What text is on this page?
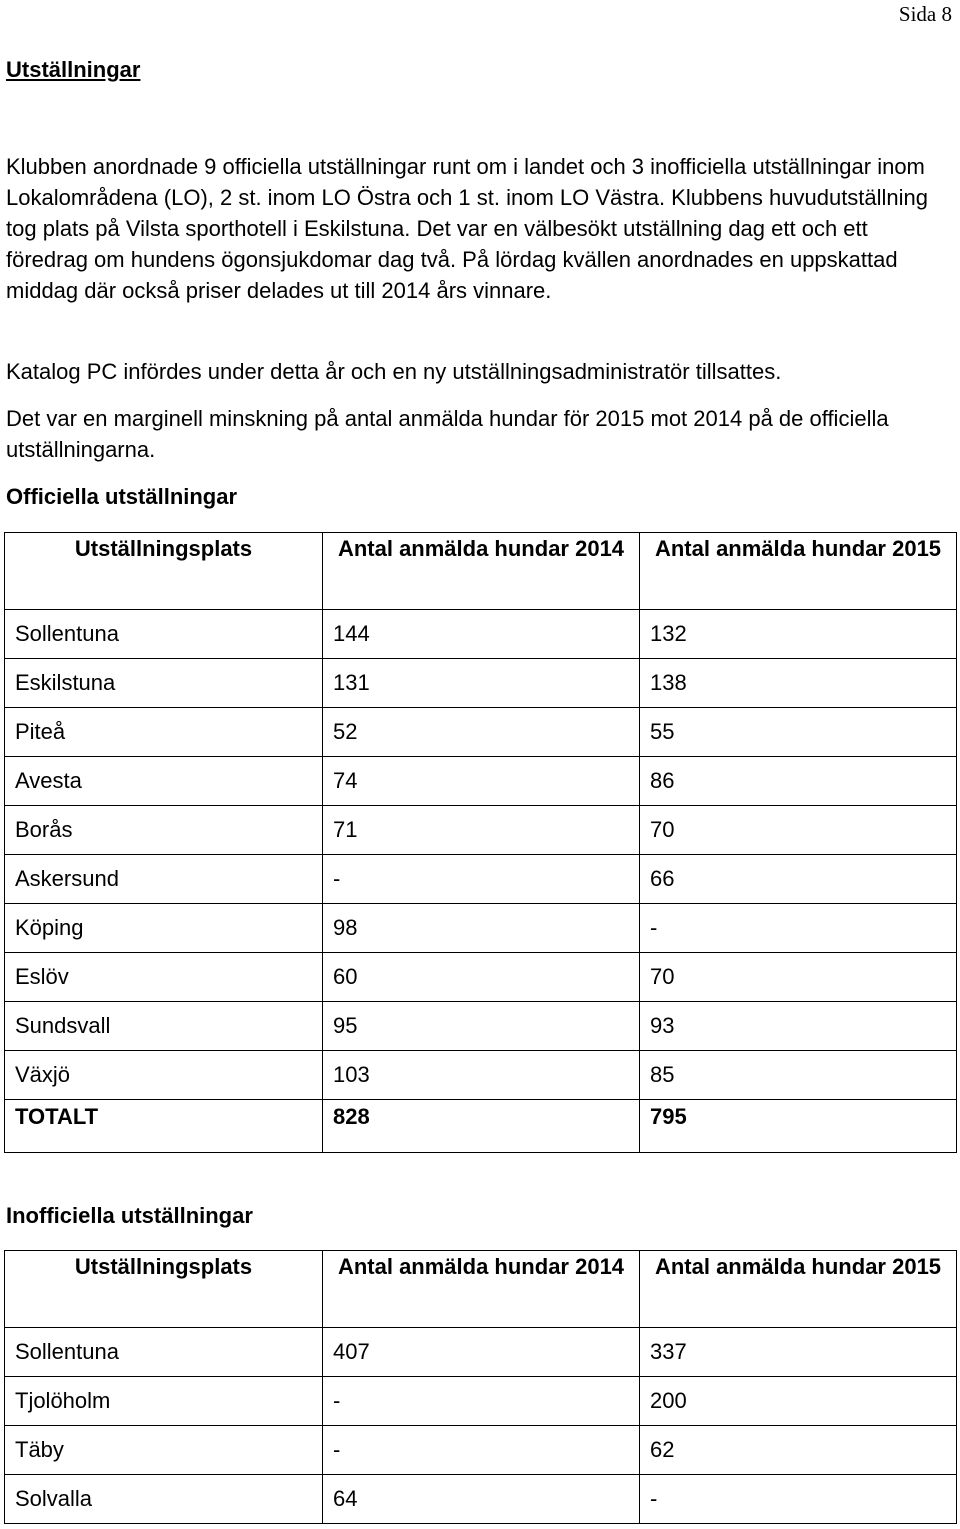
Sida 8
Utställningar

Klubben anordnade 9 officiella utställningar runt om i landet och 3 inofficiella utställningar inom Lokalområdena (LO), 2 st. inom LO Östra och 1 st. inom LO Västra. Klubbens huvudutställning tog plats på Vilsta sporthotell i Eskilstuna. Det var en välbesökt utställning dag ett och ett föredrag om hundens ögonsjukdomar dag två. På lördag kvällen anordnades en uppskattad middag där också priser delades ut till 2014 års vinnare.

Katalog PC infördes under detta år och en ny utställningsadministratör tillsattes.

Det var en marginell minskning på antal anmälda hundar för 2015 mot 2014 på de officiella utställningarna.

Officiella utställningar
Utställningsplats	Antal anmälda hundar 2014	Antal anmälda hundar 2015

Sollentuna	144	132
Eskilstuna	131	138
Piteå	52	55
Avesta	74	86
Borås	71	70
Askersund	-	66
Köping	98	-
Eslöv	60	70
Sundsvall	95	93
Växjö	103	85
TOTALT	828	795
Inofficiella utställningar
Utställningsplats	Antal anmälda hundar 2014	Antal anmälda hundar 2015

Sollentuna	407	337
Tjolöholm	-	200
Täby	-	62
Solvalla	64	-
